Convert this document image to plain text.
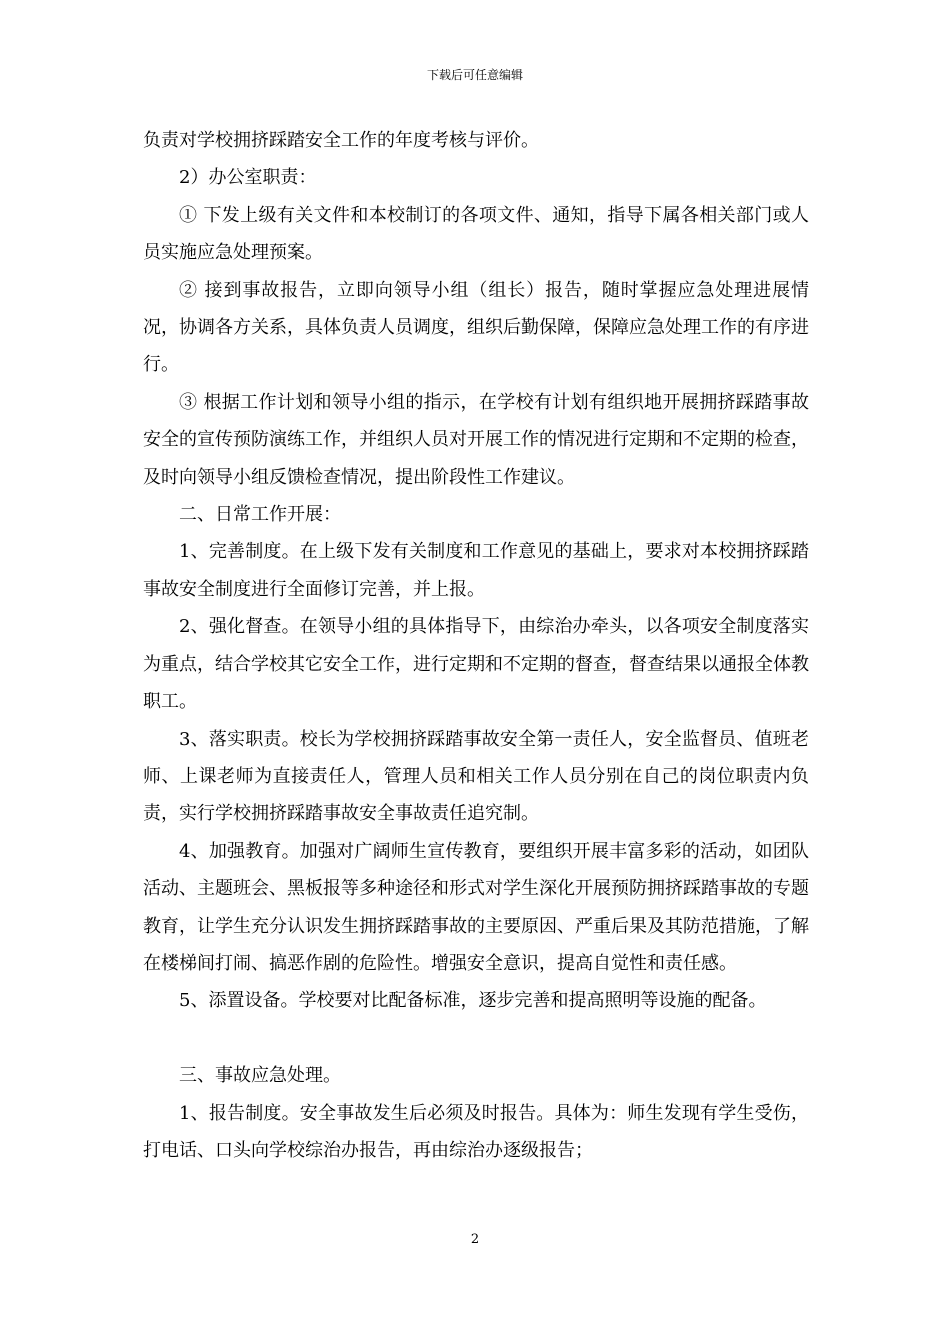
下载后可任意编辑

负责对学校拥挤踩踏安全工作的年度考核与评价。

2）办公室职责：

① 下发上级有关文件和本校制订的各项文件、通知，指导下属各相关部门或人员实施应急处理预案。

② 接到事故报告，立即向领导小组（组长）报告，随时掌握应急处理进展情况，协调各方关系，具体负责人员调度，组织后勤保障，保障应急处理工作的有序进行。

③ 根据工作计划和领导小组的指示，在学校有计划有组织地开展拥挤踩踏事故安全的宣传预防演练工作，并组织人员对开展工作的情况进行定期和不定期的检查，及时向领导小组反馈检查情况，提出阶段性工作建议。

二、日常工作开展：

1、完善制度。在上级下发有关制度和工作意见的基础上，要求对本校拥挤踩踏事故安全制度进行全面修订完善，并上报。

2、强化督查。在领导小组的具体指导下，由综治办牵头，以各项安全制度落实为重点，结合学校其它安全工作，进行定期和不定期的督查，督查结果以通报全体教职工。

3、落实职责。校长为学校拥挤踩踏事故安全第一责任人，安全监督员、值班老师、上课老师为直接责任人，管理人员和相关工作人员分别在自己的岗位职责内负责，实行学校拥挤踩踏事故安全事故责任追究制。

4、加强教育。加强对广阔师生宣传教育，要组织开展丰富多彩的活动，如团队活动、主题班会、黑板报等多种途径和形式对学生深化开展预防拥挤踩踏事故的专题教育，让学生充分认识发生拥挤踩踏事故的主要原因、严重后果及其防范措施，了解在楼梯间打闹、搞恶作剧的危险性。增强安全意识，提高自觉性和责任感。

5、添置设备。学校要对比配备标准，逐步完善和提高照明等设施的配备。

三、事故应急处理。

1、报告制度。安全事故发生后必须及时报告。具体为：师生发现有学生受伤，打电话、口头向学校综治办报告，再由综治办逐级报告；

2
